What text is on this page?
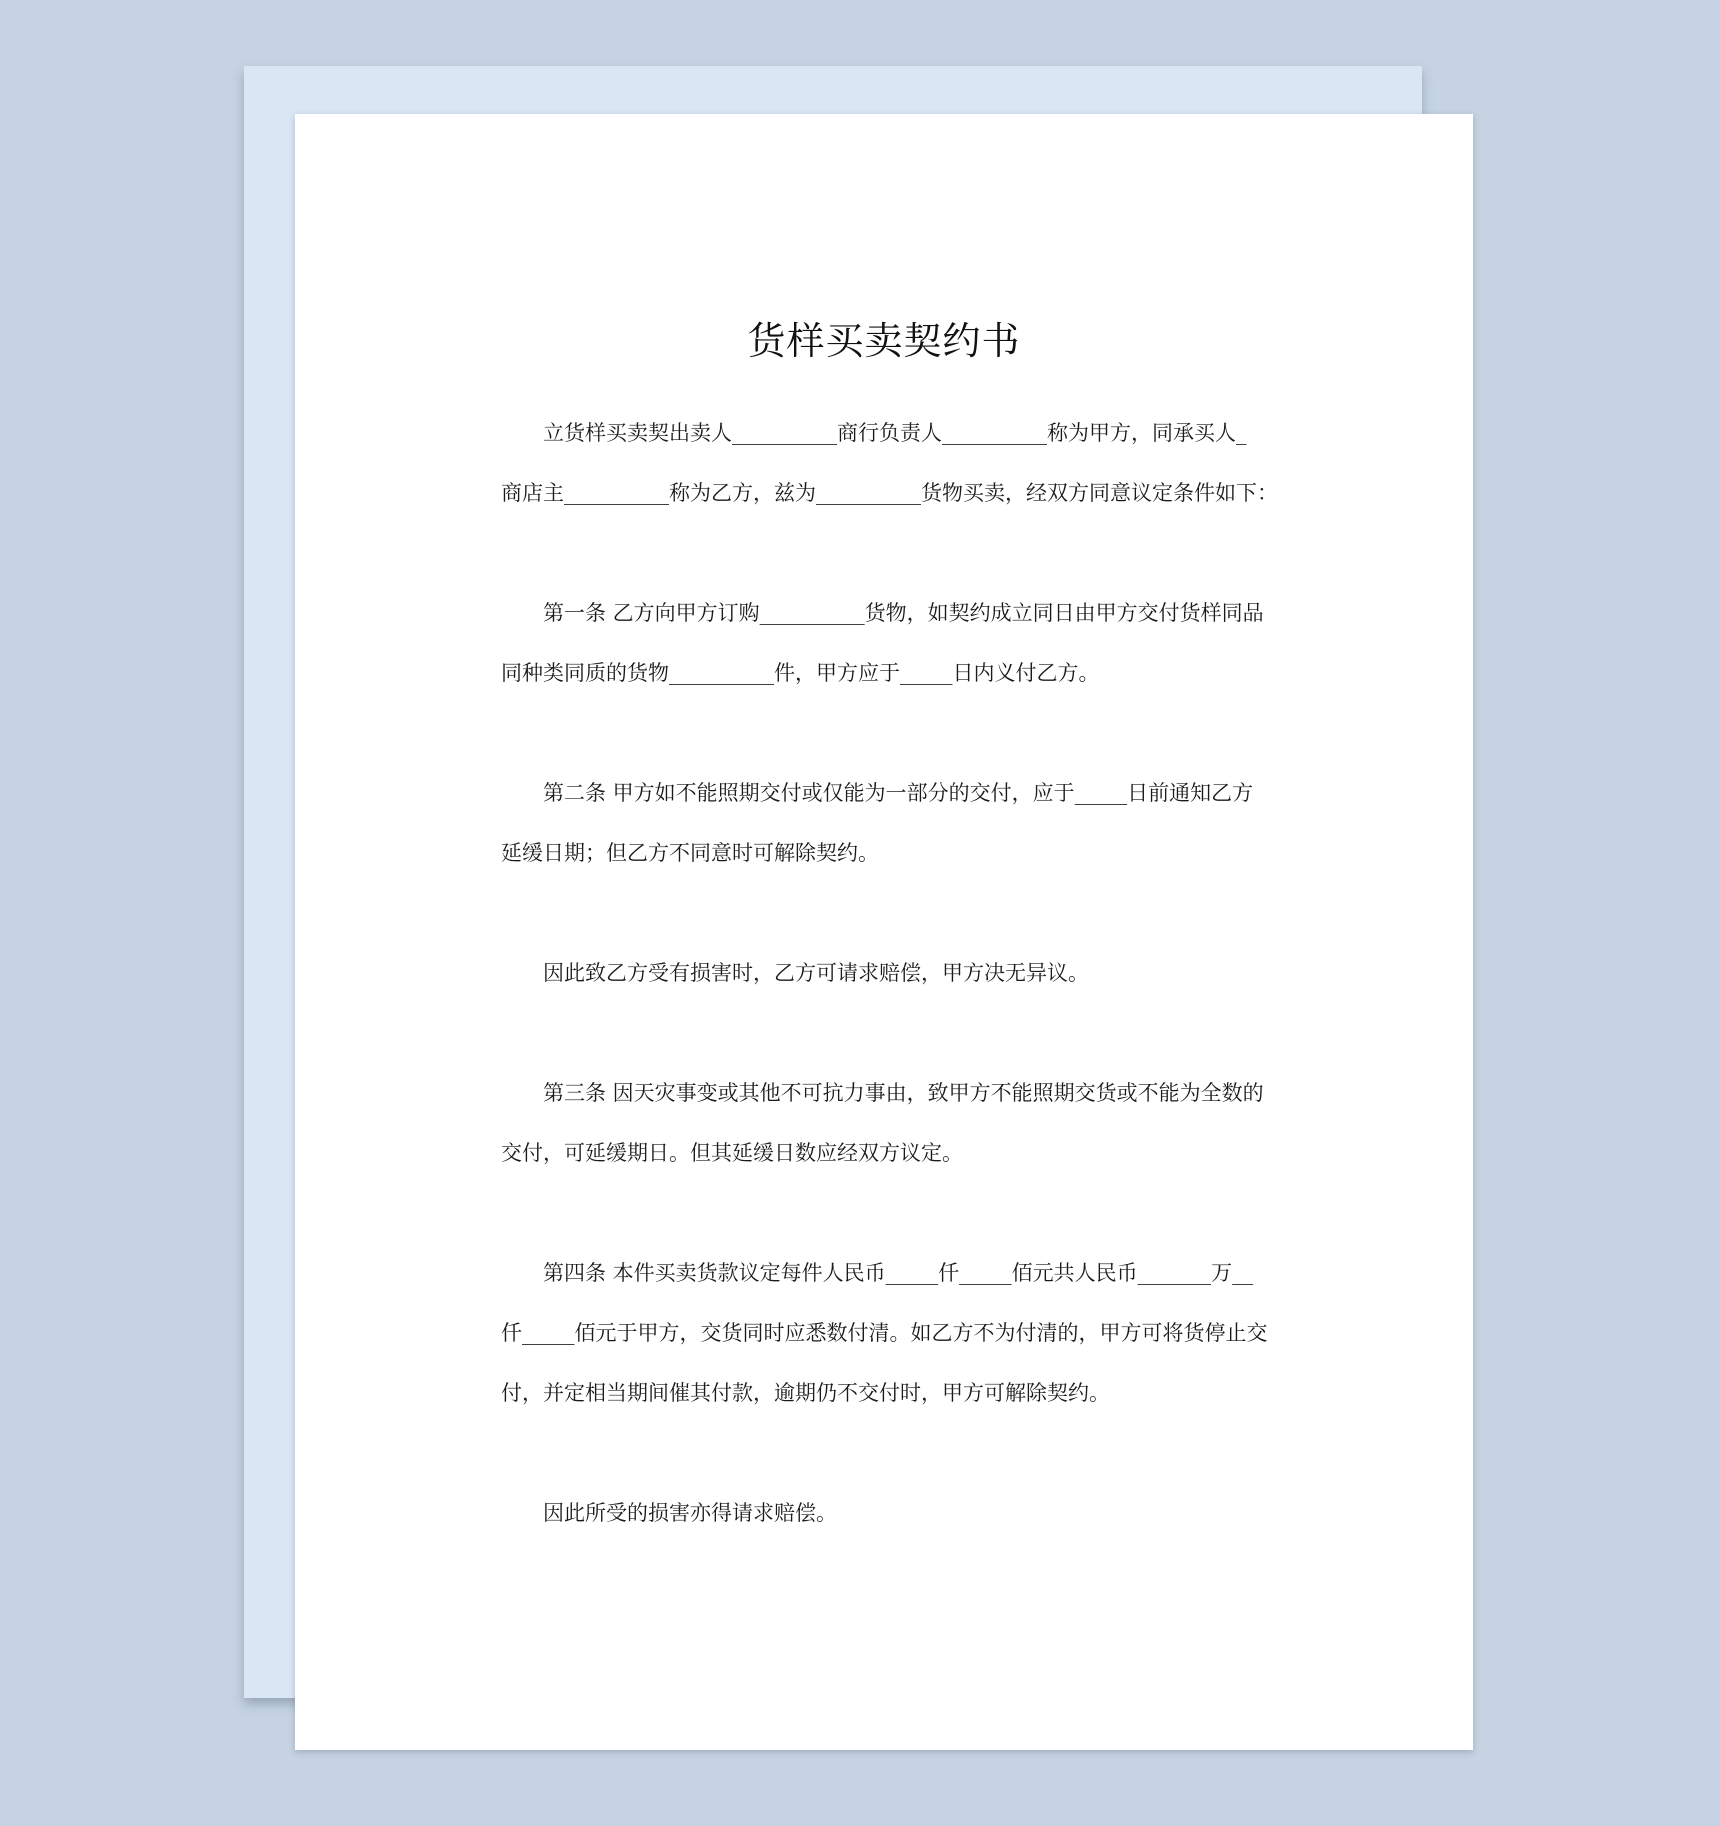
货样买卖契约书
立货样买卖契出卖人__________商行负责人__________称为甲方，同承买人_
商店主__________称为乙方，兹为__________货物买卖，经双方同意议定条件如下：
第一条 乙方向甲方订购__________货物，如契约成立同日由甲方交付货样同品
同种类同质的货物__________件，甲方应于_____日内义付乙方。
第二条 甲方如不能照期交付或仅能为一部分的交付，应于_____日前通知乙方
延缓日期；但乙方不同意时可解除契约。
因此致乙方受有损害时，乙方可请求赔偿，甲方决无异议。
第三条 因天灾事变或其他不可抗力事由，致甲方不能照期交货或不能为全数的
交付，可延缓期日。但其延缓日数应经双方议定。
第四条 本件买卖货款议定每件人民币_____仟_____佰元共人民币_______万__
仟_____佰元于甲方，交货同时应悉数付清。如乙方不为付清的，甲方可将货停止交
付，并定相当期间催其付款，逾期仍不交付时，甲方可解除契约。
因此所受的损害亦得请求赔偿。
